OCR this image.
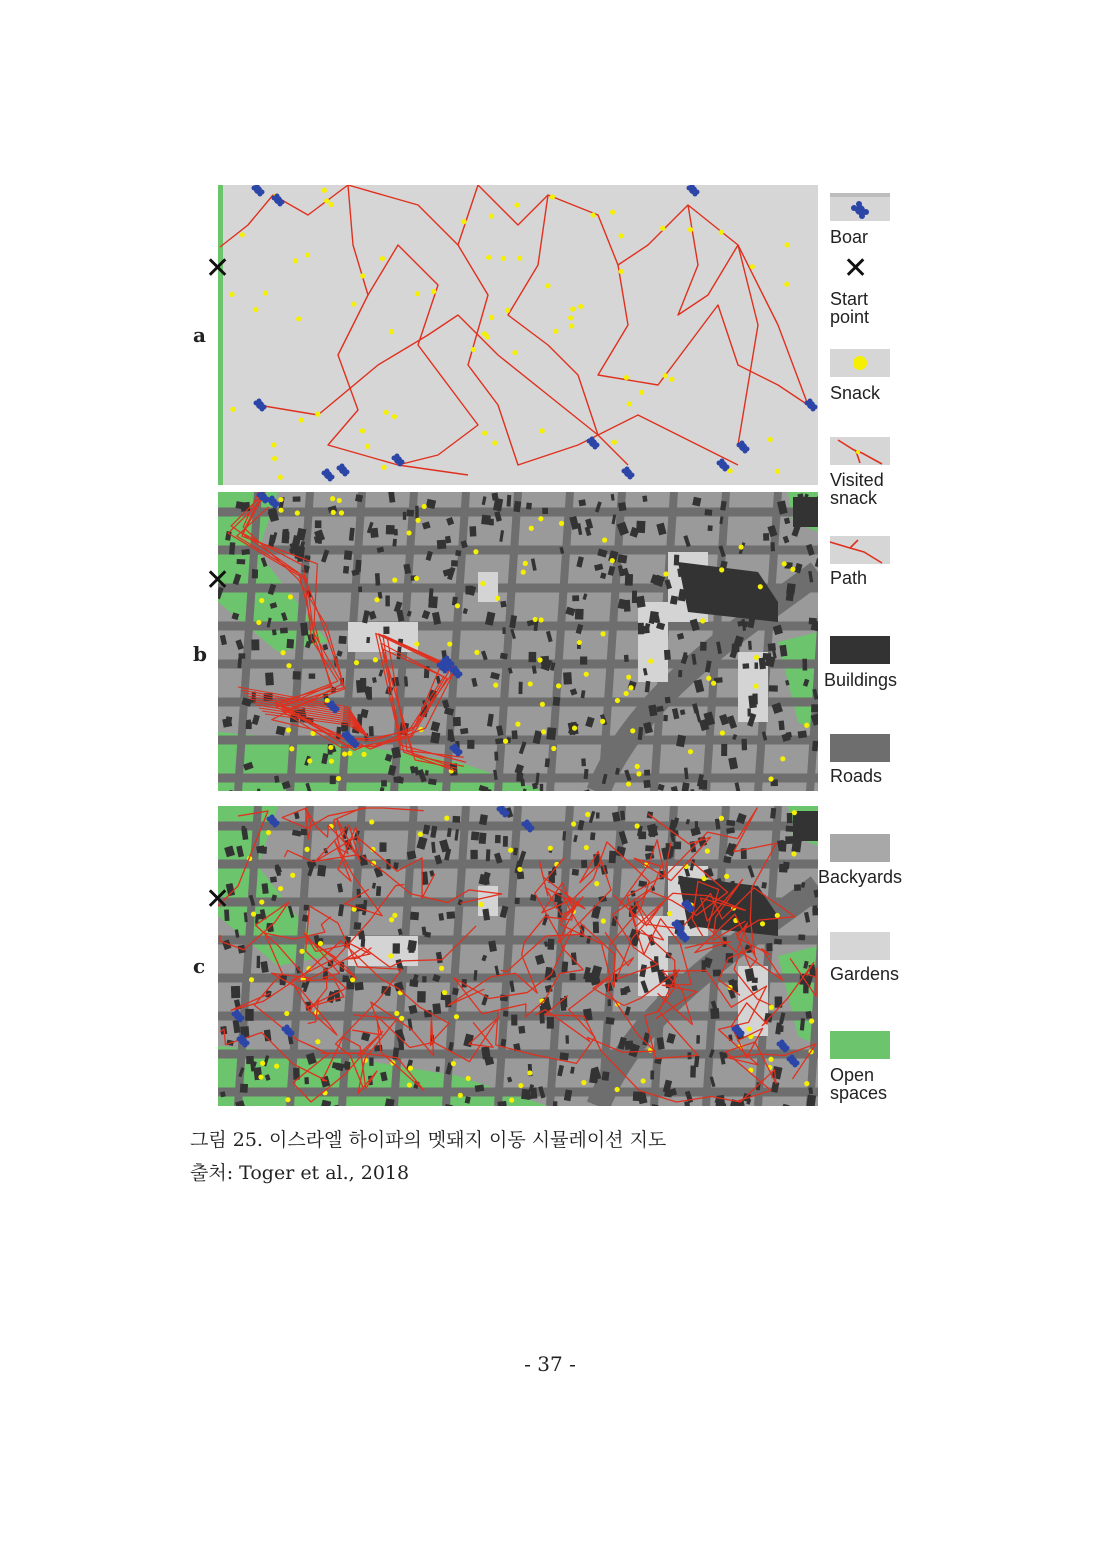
a
✕
b
✕
c
✕
Boar
✕
Start
point
Snack
Visited
snack
Path
Buildings
Roads
Backyards
Gardens
Open
spaces
그림 25. 이스라엘 하이파의 멧돼지 이동 시뮬레이션 지도
출처: Toger et al., 2018
- 37 -
